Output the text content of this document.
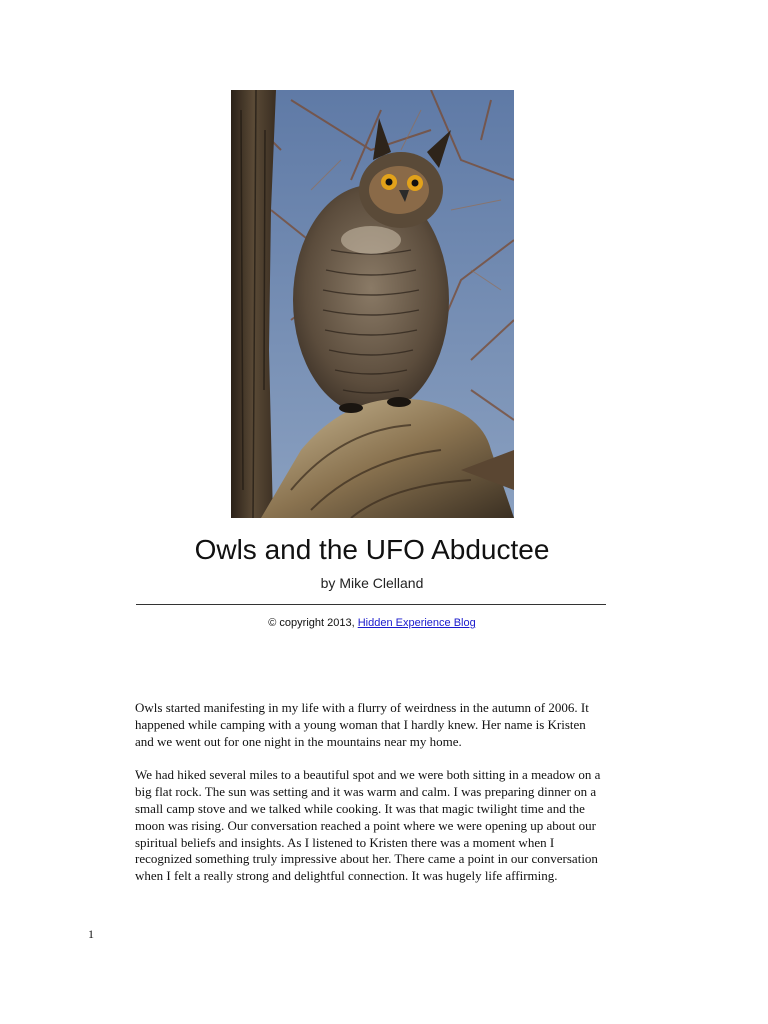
Owls and the UFO Abductee
by Mike Clelland
© copyright 2013, Hidden Experience Blog

Owls started manifesting in my life with a flurry of weirdness in the autumn of 2006. It happened while camping with a young woman that I hardly knew. Her name is Kristen and we went out for one night in the mountains near my home.

We had hiked several miles to a beautiful spot and we were both sitting in a meadow on a big flat rock. The sun was setting and it was warm and calm. I was preparing dinner on a small camp stove and we talked while cooking. It was that magic twilight time and the moon was rising. Our conversation reached a point where we were opening up about our spiritual beliefs and insights. As I listened to Kristen there was a moment when I recognized something truly impressive about her. There came a point in our conversation when I felt a really strong and delightful connection. It was hugely life affirming.

1
